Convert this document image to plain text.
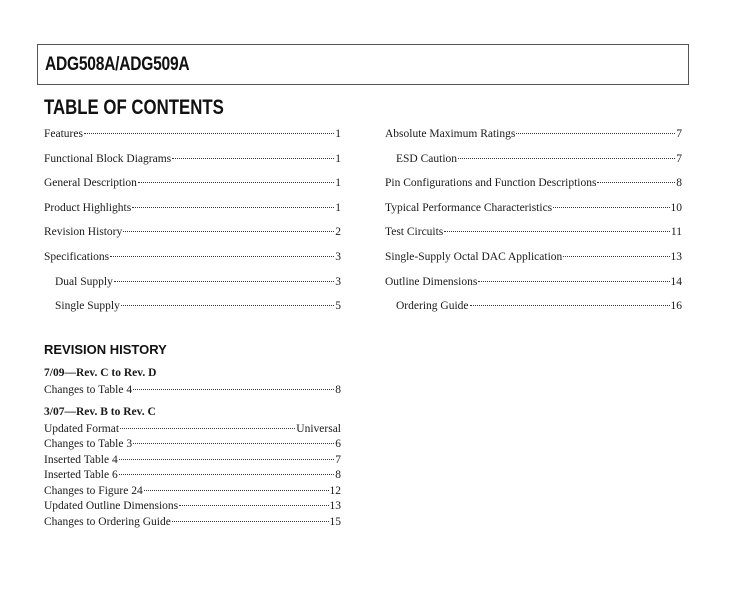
ADG508A/ADG509A
TABLE OF CONTENTS
Features	1
Functional Block Diagrams	1
General Description	1
Product Highlights	1
Revision History	2
Specifications	3
Dual Supply	3
Single Supply	5
Absolute Maximum Ratings	7
ESD Caution	7
Pin Configurations and Function Descriptions	8
Typical Performance Characteristics	10
Test Circuits	11
Single-Supply Octal DAC Application	13
Outline Dimensions	14
Ordering Guide	16
REVISION HISTORY
7/09—Rev. C to Rev. D
Changes to Table 4	8
3/07—Rev. B to Rev. C
Updated Format	Universal
Changes to Table 3	6
Inserted Table 4	7
Inserted Table 6	8
Changes to Figure 24	12
Updated Outline Dimensions	13
Changes to Ordering Guide	15
